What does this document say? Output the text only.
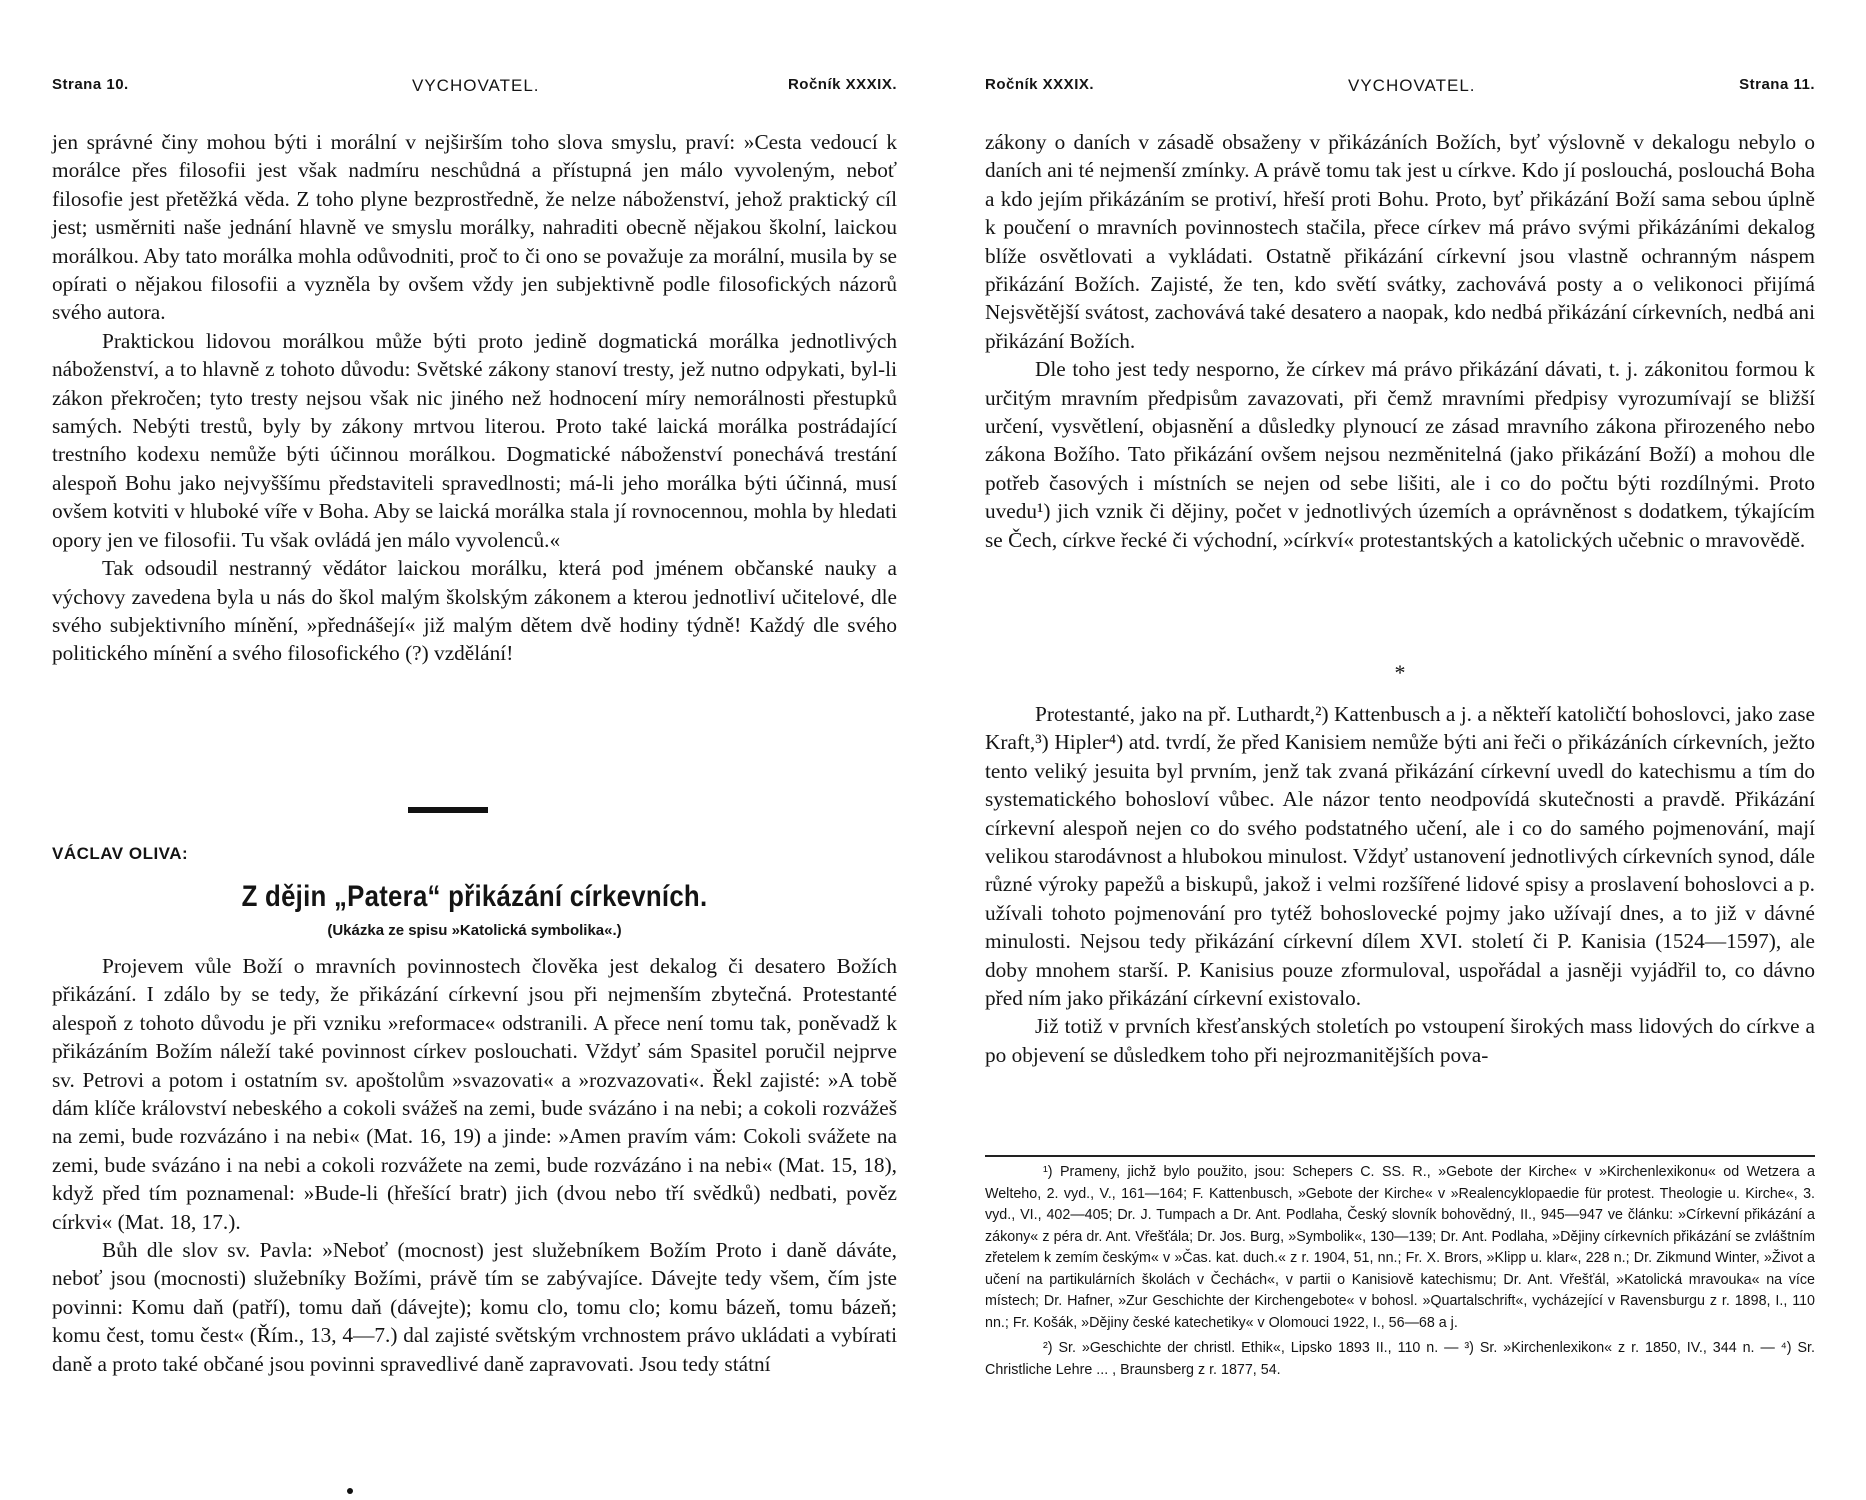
Strana 10.	VYCHOVATEL.	Ročník XXXIX.

jen správné činy mohou býti i morální v nejširším toho slova smyslu, praví: »Cesta vedoucí k morálce přes filosofii jest však nadmíru neschůdná a přístupná jen málo vyvoleným, neboť filosofie jest přetěžká věda. Z toho plyne bezprostředně, že nelze náboženství, jehož praktický cíl jest; usměrniti naše jednání hlavně ve smyslu morálky, nahraditi obecně nějakou školní, laickou morálkou. Aby tato morálka mohla odůvodniti, proč to či ono se považuje za morální, musila by se opírati o nějakou filosofii a vyzněla by ovšem vždy jen subjektivně podle filosofických názorů svého autora.

Praktickou lidovou morálkou může býti proto jedině dogmatická morálka jednotlivých náboženství, a to hlavně z tohoto důvodu: Světské zákony stanoví tresty, jež nutno odpykati, byl-li zákon překročen; tyto tresty nejsou však nic jiného než hodnocení míry nemorálnosti přestupků samých. Nebýti trestů, byly by zákony mrtvou literou. Proto také laická morálka postrádající trestního kodexu nemůže býti účinnou morálkou. Dogmatické náboženství ponechává trestání alespoň Bohu jako nejvyššímu představiteli spravedlnosti; má-li jeho morálka býti účinná, musí ovšem kotviti v hluboké víře v Boha. Aby se laická morálka stala jí rovnocennou, mohla by hledati opory jen ve filosofii. Tu však ovládá jen málo vyvolenců.«

Tak odsoudil nestranný vědátor laickou morálku, která pod jménem občanské nauky a výchovy zavedena byla u nás do škol malým školským zákonem a kterou jednotliví učitelové, dle svého subjektivního mínění, »přednášejí« již malým dětem dvě hodiny týdně! Každý dle svého politického mínění a svého filosofického (?) vzdělání!

VÁCLAV OLIVA:
Z dějin „Patera“ přikázání církevních.
(Ukázka ze spisu »Katolická symbolika«.)

Projevem vůle Boží o mravních povinnostech člověka jest dekalog či desatero Božích přikázání. I zdálo by se tedy, že přikázání církevní jsou při nejmenším zbytečná. Protestanté alespoň z tohoto důvodu je při vzniku »reformace« odstranili. A přece není tomu tak, poněvadž k přikázáním Božím náleží také povinnost církev poslouchati. Vždyť sám Spasitel poručil nejprve sv. Petrovi a potom i ostatním sv. apoštolům »svazovati« a »rozvazovati«. Řekl zajisté: »A tobě dám klíče království nebeského a cokoli svážeš na zemi, bude svázáno i na nebi; a cokoli rozvážeš na zemi, bude rozvázáno i na nebi« (Mat. 16, 19) a jinde: »Amen pravím vám: Cokoli svážete na zemi, bude svázáno i na nebi a cokoli rozvážete na zemi, bude rozvázáno i na nebi« (Mat. 15, 18), když před tím poznamenal: »Bude-li (hřešící bratr) jich (dvou nebo tří svědků) nedbati, pověz církvi« (Mat. 18, 17.).

Bůh dle slov sv. Pavla: »Neboť (mocnost) jest služebníkem Božím Proto i daně dáváte, neboť jsou (mocnosti) služebníky Božími, právě tím se zabývajíce. Dávejte tedy všem, čím jste povinni: Komu daň (patří), tomu daň (dávejte); komu clo, tomu clo; komu bázeň, tomu bázeň; komu čest, tomu čest« (Řím., 13, 4—7.) dal zajisté světským vrchnostem právo ukládati a vybírati daně a proto také občané jsou povinni spravedlivé daně zapravovati. Jsou tedy státní

Ročník XXXIX.	VYCHOVATEL.	Strana 11.

zákony o daních v zásadě obsaženy v přikázáních Božích, byť výslovně v dekalogu nebylo o daních ani té nejmenší zmínky. A právě tomu tak jest u církve. Kdo jí poslouchá, poslouchá Boha a kdo jejím přikázáním se protiví, hřeší proti Bohu. Proto, byť přikázání Boží sama sebou úplně k poučení o mravních povinnostech stačila, přece církev má právo svými přikázáními dekalog blíže osvětlovati a vykládati. Ostatně přikázání církevní jsou vlastně ochranným náspem přikázání Božích. Zajisté, že ten, kdo světí svátky, zachovává posty a o velikonoci přijímá Nejsvětější svátost, zachovává také desatero a naopak, kdo nedbá přikázání církevních, nedbá ani přikázání Božích.

Dle toho jest tedy nesporno, že církev má právo přikázání dávati, t. j. zákonitou formou k určitým mravním předpisům zavazovati, při čemž mravními předpisy vyrozumívají se bližší určení, vysvětlení, objasnění a důsledky plynoucí ze zásad mravního zákona přirozeného nebo zákona Božího. Tato přikázání ovšem nejsou nezměnitelná (jako přikázání Boží) a mohou dle potřeb časových i místních se nejen od sebe lišiti, ale i co do počtu býti rozdílnými. Proto uvedu¹) jich vznik či dějiny, počet v jednotlivých územích a oprávněnost s dodatkem, týkajícím se Čech, církve řecké či východní, »církví« protestantských a katolických učebnic o mravovědě.

*

Protestanté, jako na př. Luthardt,²) Kattenbusch a j. a někteří katoličtí bohoslovci, jako zase Kraft,³) Hipler⁴) atd. tvrdí, že před Kanisiem nemůže býti ani řeči o přikázáních církevních, ježto tento veliký jesuita byl prvním, jenž tak zvaná přikázání církevní uvedl do katechismu a tím do systematického bohosloví vůbec. Ale názor tento neodpovídá skutečnosti a pravdě. Přikázání církevní alespoň nejen co do svého podstatného učení, ale i co do samého pojmenování, mají velikou starodávnost a hlubokou minulost. Vždyť ustanovení jednotlivých církevních synod, dále různé výroky papežů a biskupů, jakož i velmi rozšířené lidové spisy a proslavení bohoslovci a p. užívali tohoto pojmenování pro tytéž bohoslovecké pojmy jako užívají dnes, a to již v dávné minulosti. Nejsou tedy přikázání církevní dílem XVI. století či P. Kanisia (1524—1597), ale doby mnohem starší. P. Kanisius pouze zformuloval, uspořádal a jasněji vyjádřil to, co dávno před ním jako přikázání církevní existovalo.

Již totiž v prvních křesťanských stoletích po vstoupení širokých mass lidových do církve a po objevení se důsledkem toho při nejrozmanitějších pova-

¹) Prameny, jichž bylo použito, jsou: Schepers C. SS. R., »Gebote der Kirche« v »Kirchenlexikonu« od Wetzera a Welteho, 2. vyd., V., 161—164; F. Kattenbusch, »Gebote der Kirche« v »Realencyklopaedie für protest. Theologie u. Kirche«, 3. vyd., VI., 402—405; Dr. J. Tumpach a Dr. Ant. Podlaha, Český slovník bohovědný, II., 945—947 ve článku: »Církevní přikázání a zákony« z péra dr. Ant. Vřešťála; Dr. Jos. Burg, »Symbolik«, 130—139; Dr. Ant. Podlaha, »Dějiny církevních přikázání se zvláštním zřetelem k zemím českým« v »Čas. kat. duch.« z r. 1904, 51, nn.; Fr. X. Brors, »Klipp u. klar«, 228 n.; Dr. Zikmund Winter, »Život a učení na partikulárních školách v Čechách«, v partii o Kanisiově katechismu; Dr. Ant. Vřešťál, »Katolická mravouka« na více místech; Dr. Hafner, »Zur Geschichte der Kirchengebote« v bohosl. »Quartalschrift«, vycházející v Ravensburgu z r. 1898, I., 110 nn.; Fr. Košák, »Dějiny české katechetiky« v Olomouci 1922, I., 56—68 a j.

²) Sr. »Geschichte der christl. Ethik«, Lipsko 1893 II., 110 n. — ³) Sr. »Kirchenlexikon« z r. 1850, IV., 344 n. — ⁴) Sr. Christliche Lehre ... , Braunsberg z r. 1877, 54.
